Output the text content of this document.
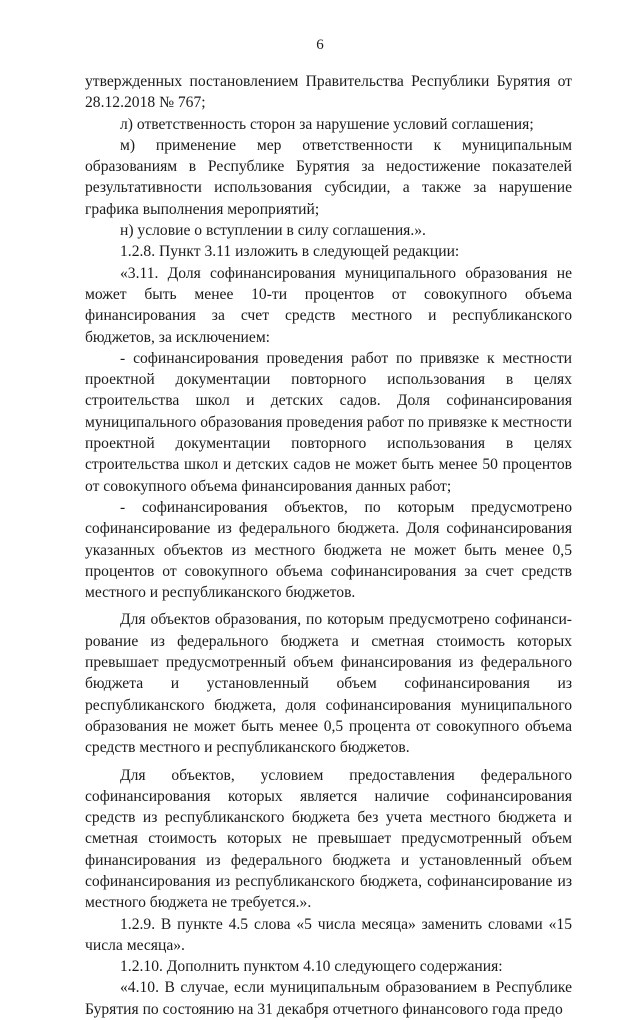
6

утвержденных постановлением Правительства Республики Бурятия от 28.12.2018 № 767;

л) ответственность сторон за нарушение условий соглашения;

м) применение мер ответственности к муниципальным образованиям в Республике Бурятия за недостижение показателей результативности использования субсидии, а также за нарушение графика выполнения мероприятий;

н) условие о вступлении в силу соглашения.».

1.2.8. Пункт 3.11 изложить в следующей редакции:

«3.11. Доля софинансирования муниципального образования не может быть менее 10-ти процентов от совокупного объема финансирования за счет средств местного и республиканского бюджетов, за исключением:

- софинансирования проведения работ по привязке к местности проектной документации повторного использования в целях строительства школ и детских садов. Доля софинансирования муниципального образования проведения работ по привязке к местности проектной документации повторного использования в целях строительства школ и детских садов не может быть менее 50 процентов от совокупного объема финансирования данных работ;

- софинансирования объектов, по которым предусмотрено софинансирование из федерального бюджета. Доля софинансирования указанных объектов из местного бюджета не может быть менее 0,5 процентов от совокупного объема софинансирования за счет средств местного и республиканского бюджетов.

Для объектов образования, по которым предусмотрено софинансирование из федерального бюджета и сметная стоимость которых превышает предусмотренный объем финансирования из федерального бюджета и установленный объем софинансирования из республиканского бюджета, доля софинансирования муниципального образования не может быть менее 0,5 процента от совокупного объема средств местного и республиканского бюджетов.

Для объектов, условием предоставления федерального софинансирования которых является наличие софинансирования средств из республиканского бюджета без учета местного бюджета и сметная стоимость которых не превышает предусмотренный объем финансирования из федерального бюджета и установленный объем софинансирования из республиканского бюджета, софинансирование из местного бюджета не требуется.».

1.2.9. В пункте 4.5 слова «5 числа месяца» заменить словами «15 числа месяца».

1.2.10. Дополнить пунктом 4.10 следующего содержания:

«4.10. В случае, если муниципальным образованием в Республике Бурятия по состоянию на 31 декабря отчетного финансового года предо
